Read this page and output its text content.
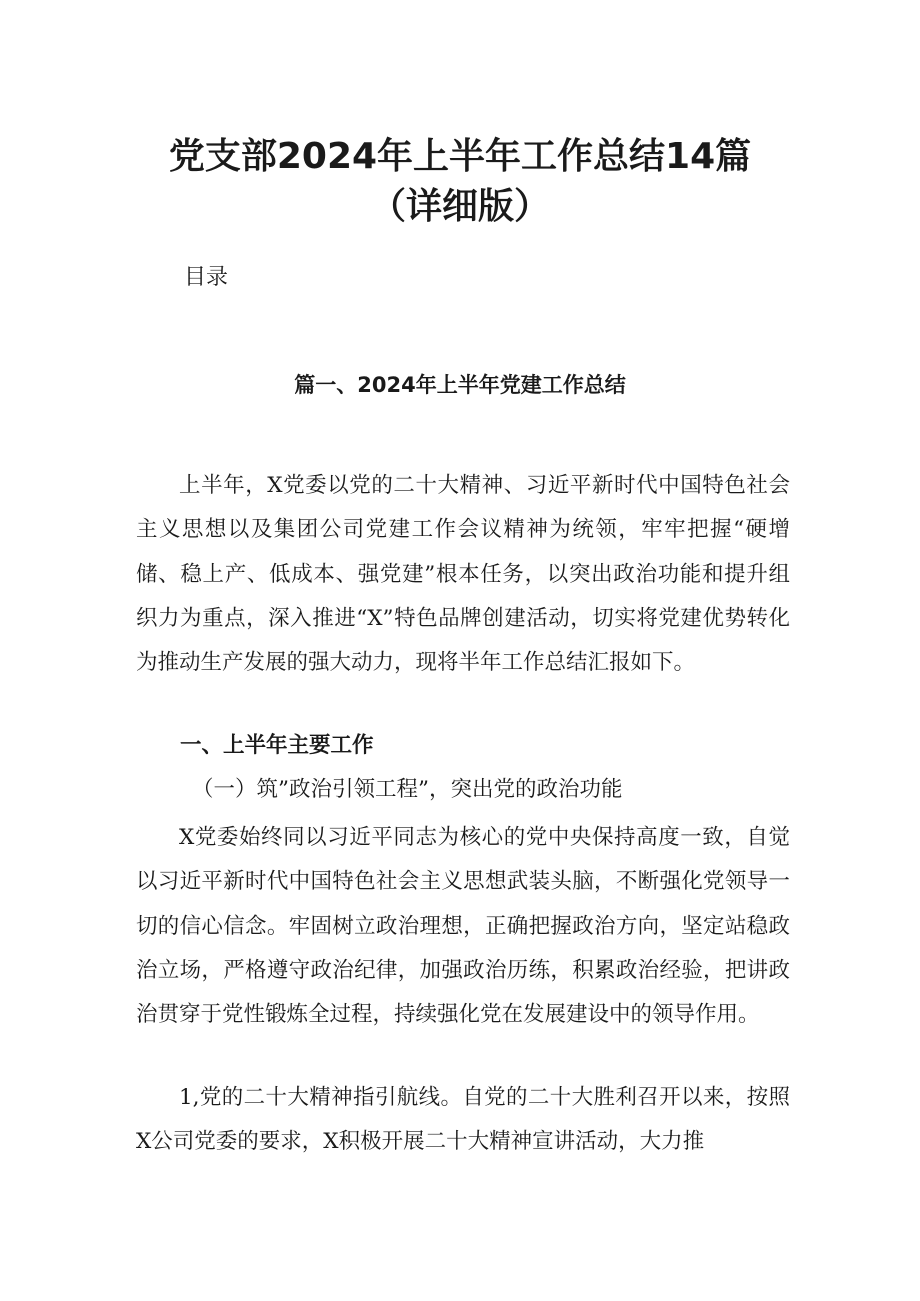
党支部2024年上半年工作总结14篇（详细版）
目录
篇一、2024年上半年党建工作总结

上半年，X党委以党的二十大精神、习近平新时代中国特色社会主义思想以及集团公司党建工作会议精神为统领，牢牢把握“硬增储、稳上产、低成本、强党建”根本任务，以突出政治功能和提升组织力为重点，深入推进“X”特色品牌创建活动，切实将党建优势转化为推动生产发展的强大动力，现将半年工作总结汇报如下。

一、上半年主要工作
（一）筑”政治引领工程”，突出党的政治功能

X党委始终同以习近平同志为核心的党中央保持高度一致，自觉以习近平新时代中国特色社会主义思想武装头脑，不断强化党领导一切的信心信念。牢固树立政治理想，正确把握政治方向，坚定站稳政治立场，严格遵守政治纪律，加强政治历练，积累政治经验，把讲政治贯穿于党性锻炼全过程，持续强化党在发展建设中的领导作用。

1,党的二十大精神指引航线。自党的二十大胜利召开以来，按照X公司党委的要求，X积极开展二十大精神宣讲活动，大力推
